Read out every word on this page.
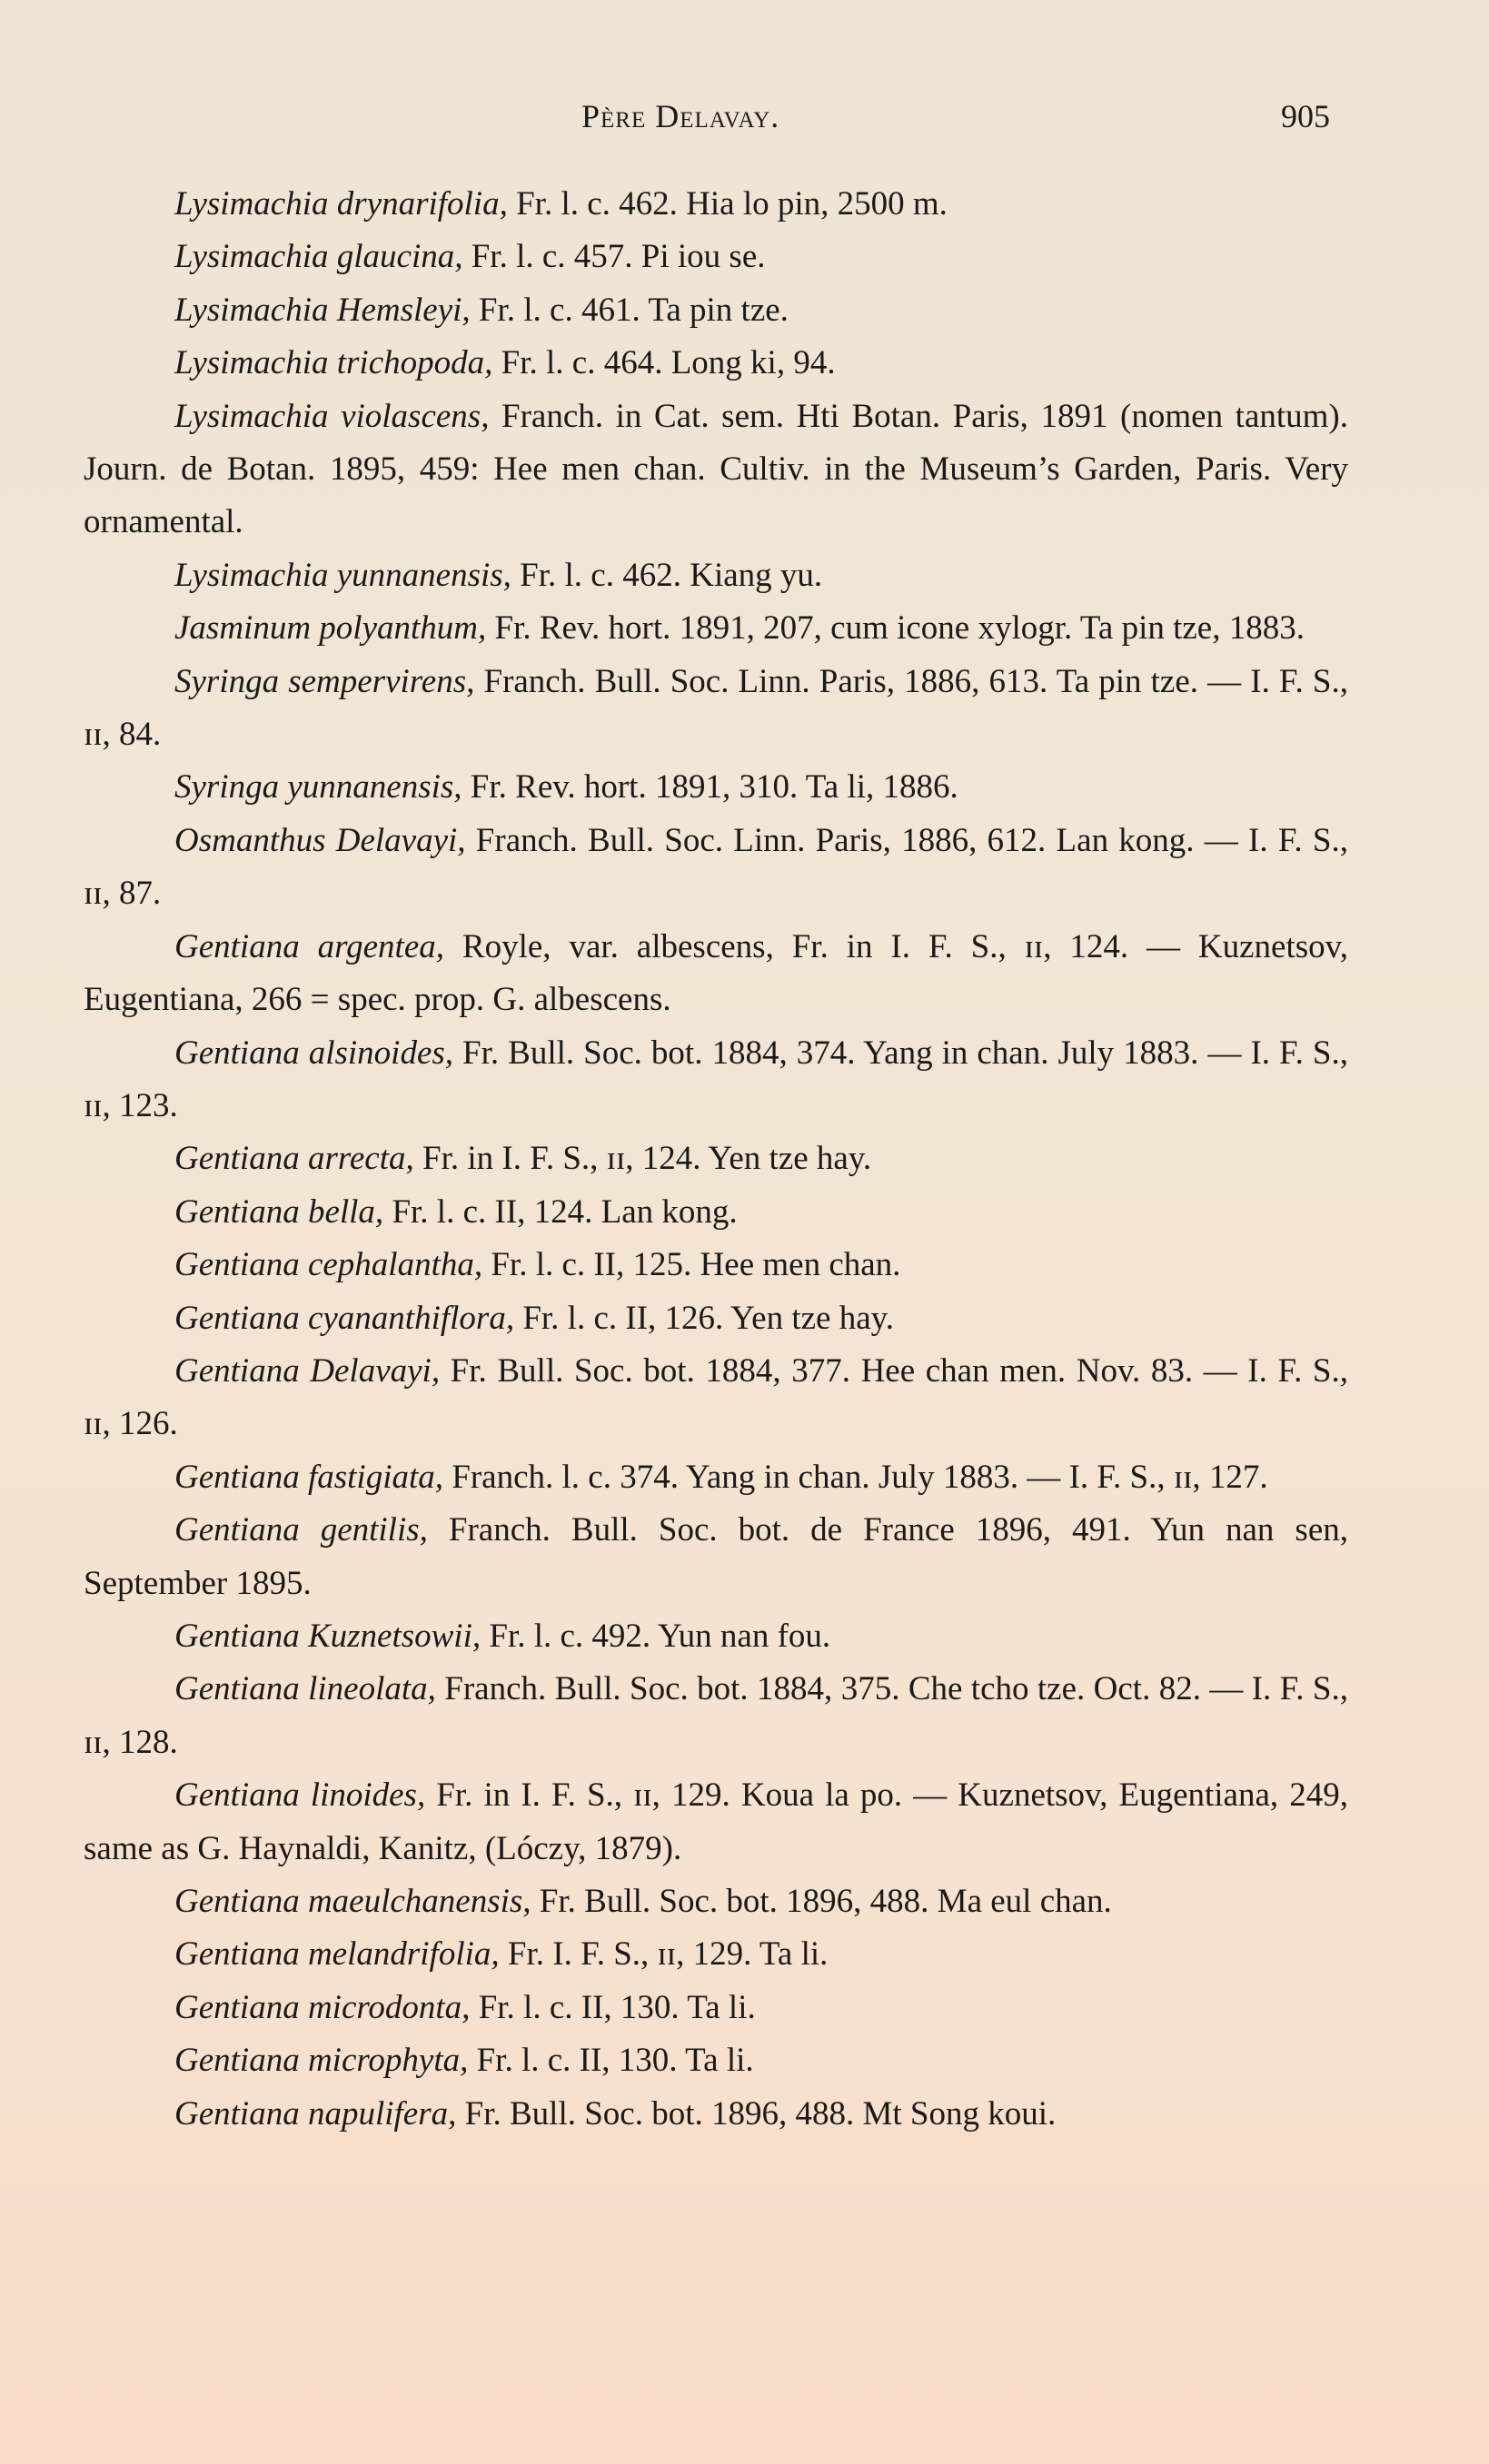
Père Delavay.	905

Lysimachia drynarifolia, Fr. l. c. 462. Hia lo pin, 2500 m.

Lysimachia glaucina, Fr. l. c. 457. Pi iou se.

Lysimachia Hemsleyi, Fr. l. c. 461. Ta pin tze.

Lysimachia trichopoda, Fr. l. c. 464. Long ki, 94.

Lysimachia violascens, Franch. in Cat. sem. Hti Botan. Paris, 1891 (nomen tantum). Journ. de Botan. 1895, 459: Hee men chan. Cultiv. in the Museum’s Garden, Paris. Very ornamental.

Lysimachia yunnanensis, Fr. l. c. 462. Kiang yu.

Jasminum polyanthum, Fr. Rev. hort. 1891, 207, cum icone xylogr. Ta pin tze, 1883.

Syringa sempervirens, Franch. Bull. Soc. Linn. Paris, 1886, 613. Ta pin tze. — I. F. S., ɪɪ, 84.

Syringa yunnanensis, Fr. Rev. hort. 1891, 310. Ta li, 1886.

Osmanthus Delavayi, Franch. Bull. Soc. Linn. Paris, 1886, 612. Lan kong. — I. F. S., ɪɪ, 87.

Gentiana argentea, Royle, var. albescens, Fr. in I. F. S., ɪɪ, 124. — Kuznetsov, Eugentiana, 266 = spec. prop. G. albescens.

Gentiana alsinoides, Fr. Bull. Soc. bot. 1884, 374. Yang in chan. July 1883. — I. F. S., ɪɪ, 123.

Gentiana arrecta, Fr. in I. F. S., ɪɪ, 124. Yen tze hay.

Gentiana bella, Fr. l. c. II, 124. Lan kong.

Gentiana cephalantha, Fr. l. c. II, 125. Hee men chan.

Gentiana cyananthiflora, Fr. l. c. II, 126. Yen tze hay.

Gentiana Delavayi, Fr. Bull. Soc. bot. 1884, 377. Hee chan men. Nov. 83. — I. F. S., ɪɪ, 126.

Gentiana fastigiata, Franch. l. c. 374. Yang in chan. July 1883. — I. F. S., ɪɪ, 127.

Gentiana gentilis, Franch. Bull. Soc. bot. de France 1896, 491. Yun nan sen, September 1895.

Gentiana Kuznetsowii, Fr. l. c. 492. Yun nan fou.

Gentiana lineolata, Franch. Bull. Soc. bot. 1884, 375. Che tcho tze. Oct. 82. — I. F. S., ɪɪ, 128.

Gentiana linoides, Fr. in I. F. S., ɪɪ, 129. Koua la po. — Kuznetsov, Eugentiana, 249, same as G. Haynaldi, Kanitz, (Lóczy, 1879).

Gentiana maeulchanensis, Fr. Bull. Soc. bot. 1896, 488. Ma eul chan.

Gentiana melandrifolia, Fr. I. F. S., ɪɪ, 129. Ta li.

Gentiana microdonta, Fr. l. c. II, 130. Ta li.

Gentiana microphyta, Fr. l. c. II, 130. Ta li.

Gentiana napulifera, Fr. Bull. Soc. bot. 1896, 488. Mt Song koui.
